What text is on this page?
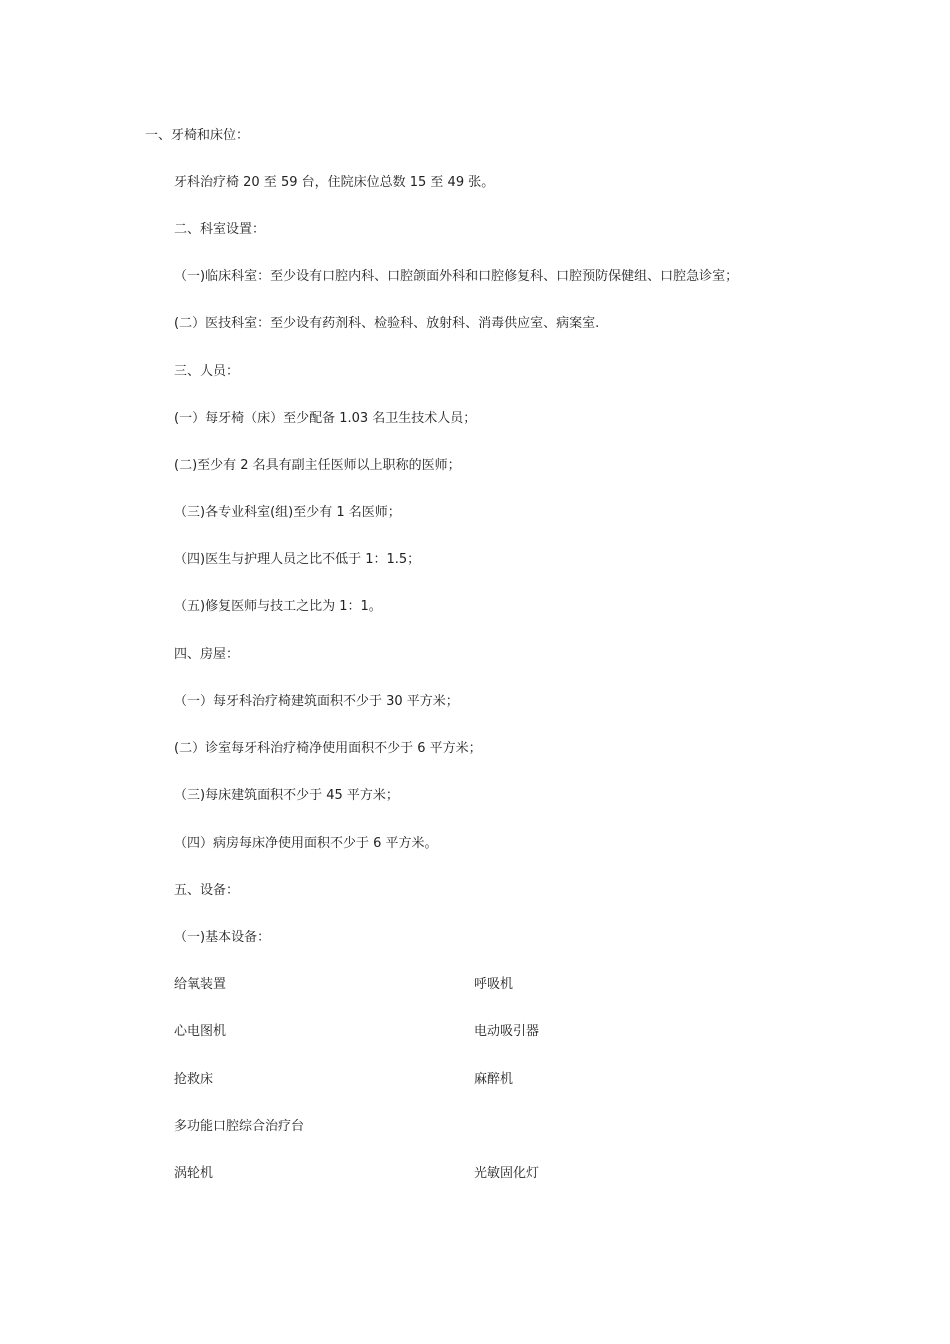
一、牙椅和床位：
牙科治疗椅 20 至 59 台，住院床位总数 15 至 49 张。
二、科室设置：
（一)临床科室：至少设有口腔内科、口腔颌面外科和口腔修复科、口腔预防保健组、口腔急诊室；
(二）医技科室：至少设有药剂科、检验科、放射科、消毒供应室、病案室.
三、人员：
(一）每牙椅（床）至少配备 1.03 名卫生技术人员；
(二)至少有 2 名具有副主任医师以上职称的医师；
（三)各专业科室(组)至少有 1 名医师；
（四)医生与护理人员之比不低于 1：1.5；
（五)修复医师与技工之比为 1：1。
四、房屋：
（一）每牙科治疗椅建筑面积不少于 30 平方米；
(二）诊室每牙科治疗椅净使用面积不少于 6 平方米；
（三)每床建筑面积不少于 45 平方米；
（四）病房每床净使用面积不少于 6 平方米。
五、设备：
（一)基本设备：
给氧装置	呼吸机
心电图机	电动吸引器
抢救床	麻醉机
多功能口腔综合治疗台
涡轮机	光敏固化灯
